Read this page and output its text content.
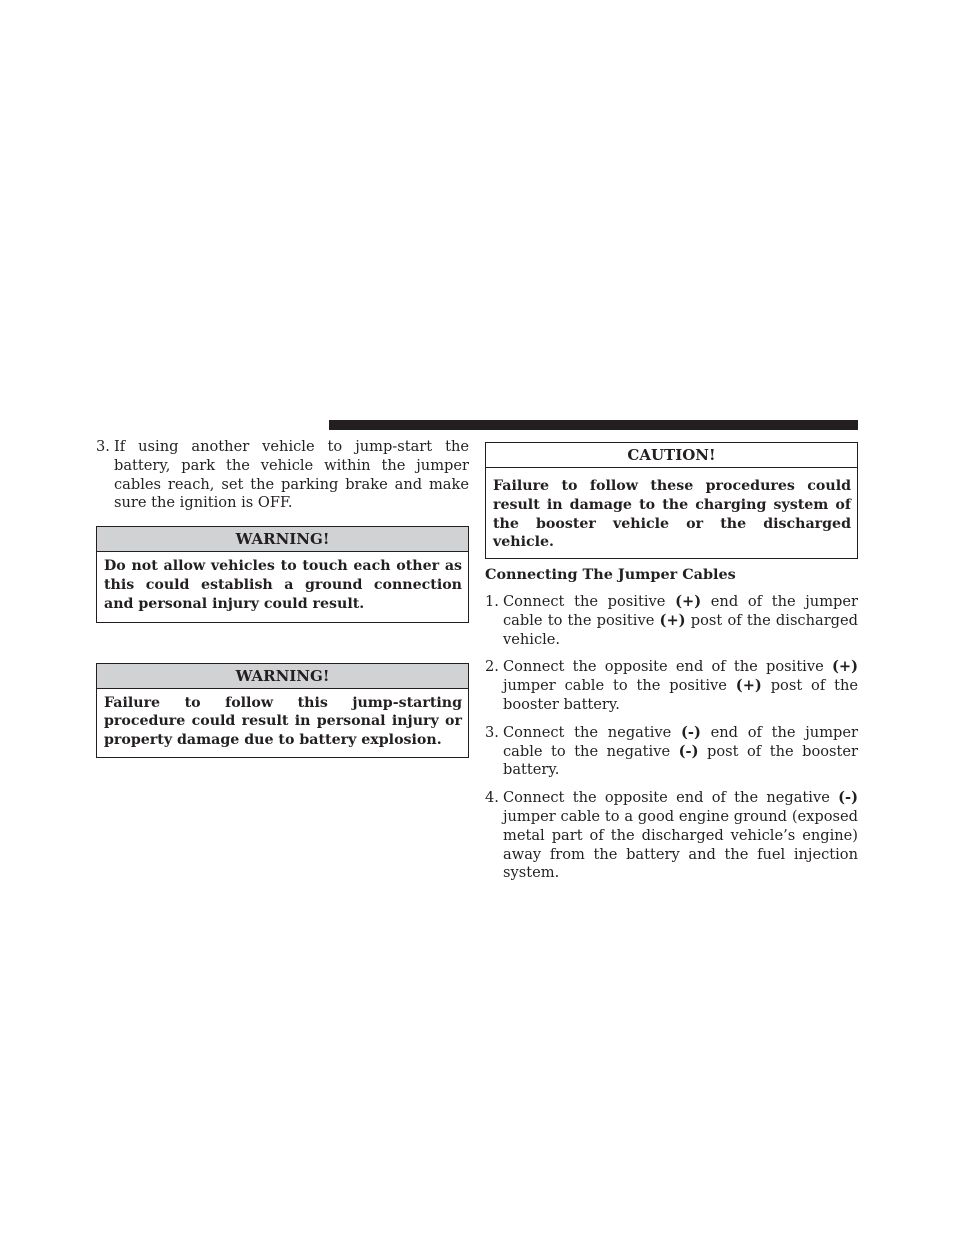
3. If using another vehicle to jump-start the battery, park the vehicle within the jumper cables reach, set the parking brake and make sure the ignition is OFF.
WARNING!
Do not allow vehicles to touch each other as this could establish a ground connection and personal injury could result.
WARNING!
Failure to follow this jump-starting procedure could result in personal injury or property damage due to battery explosion.
CAUTION!
Failure to follow these procedures could result in damage to the charging system of the booster vehicle or the discharged vehicle.
Connecting The Jumper Cables
1. Connect the positive (+) end of the jumper cable to the positive (+) post of the discharged vehicle.
2. Connect the opposite end of the positive (+) jumper cable to the positive (+) post of the booster battery.
3. Connect the negative (-) end of the jumper cable to the negative (-) post of the booster battery.
4. Connect the opposite end of the negative (-) jumper cable to a good engine ground (exposed metal part of the discharged vehicle’s engine) away from the battery and the fuel injection system.
